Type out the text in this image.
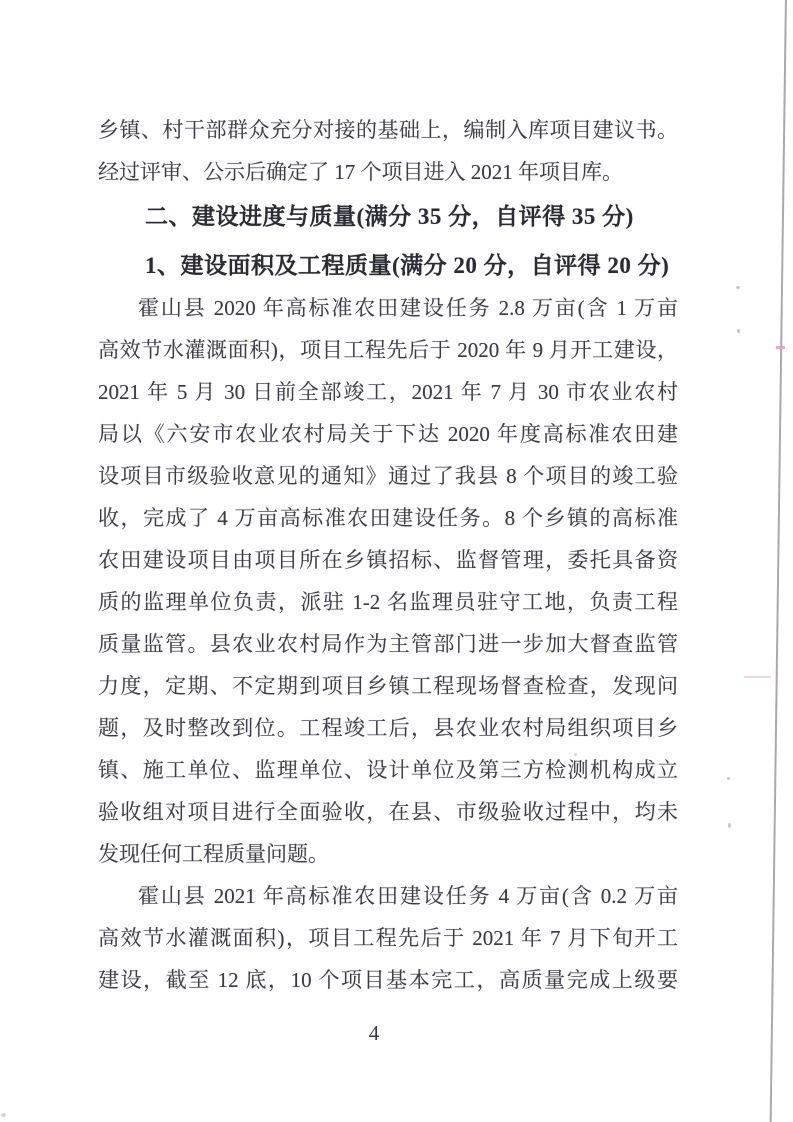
乡镇、村干部群众充分对接的基础上，编制入库项目建议书。
经过评审、公示后确定了 17 个项目进入 2021 年项目库。
二、建设进度与质量(满分 35 分，自评得 35 分)
1、建设面积及工程质量(满分 20 分，自评得 20 分)
霍山县 2020 年高标准农田建设任务 2.8 万亩(含 1 万亩
高效节水灌溉面积)，项目工程先后于 2020 年 9 月开工建设，
2021 年 5 月 30 日前全部竣工，2021 年 7 月 30 市农业农村
局以《六安市农业农村局关于下达 2020 年度高标准农田建
设项目市级验收意见的通知》通过了我县 8 个项目的竣工验
收，完成了 4 万亩高标准农田建设任务。8 个乡镇的高标准
农田建设项目由项目所在乡镇招标、监督管理，委托具备资
质的监理单位负责，派驻 1-2 名监理员驻守工地，负责工程
质量监管。县农业农村局作为主管部门进一步加大督查监管
力度，定期、不定期到项目乡镇工程现场督查检查，发现问
题，及时整改到位。工程竣工后，县农业农村局组织项目乡
镇、施工单位、监理单位、设计单位及第三方检测机构成立
验收组对项目进行全面验收，在县、市级验收过程中，均未
发现任何工程质量问题。
霍山县 2021 年高标准农田建设任务 4 万亩(含 0.2 万亩
高效节水灌溉面积)，项目工程先后于 2021 年 7 月下旬开工
建设，截至 12 底，10 个项目基本完工，高质量完成上级要
4
